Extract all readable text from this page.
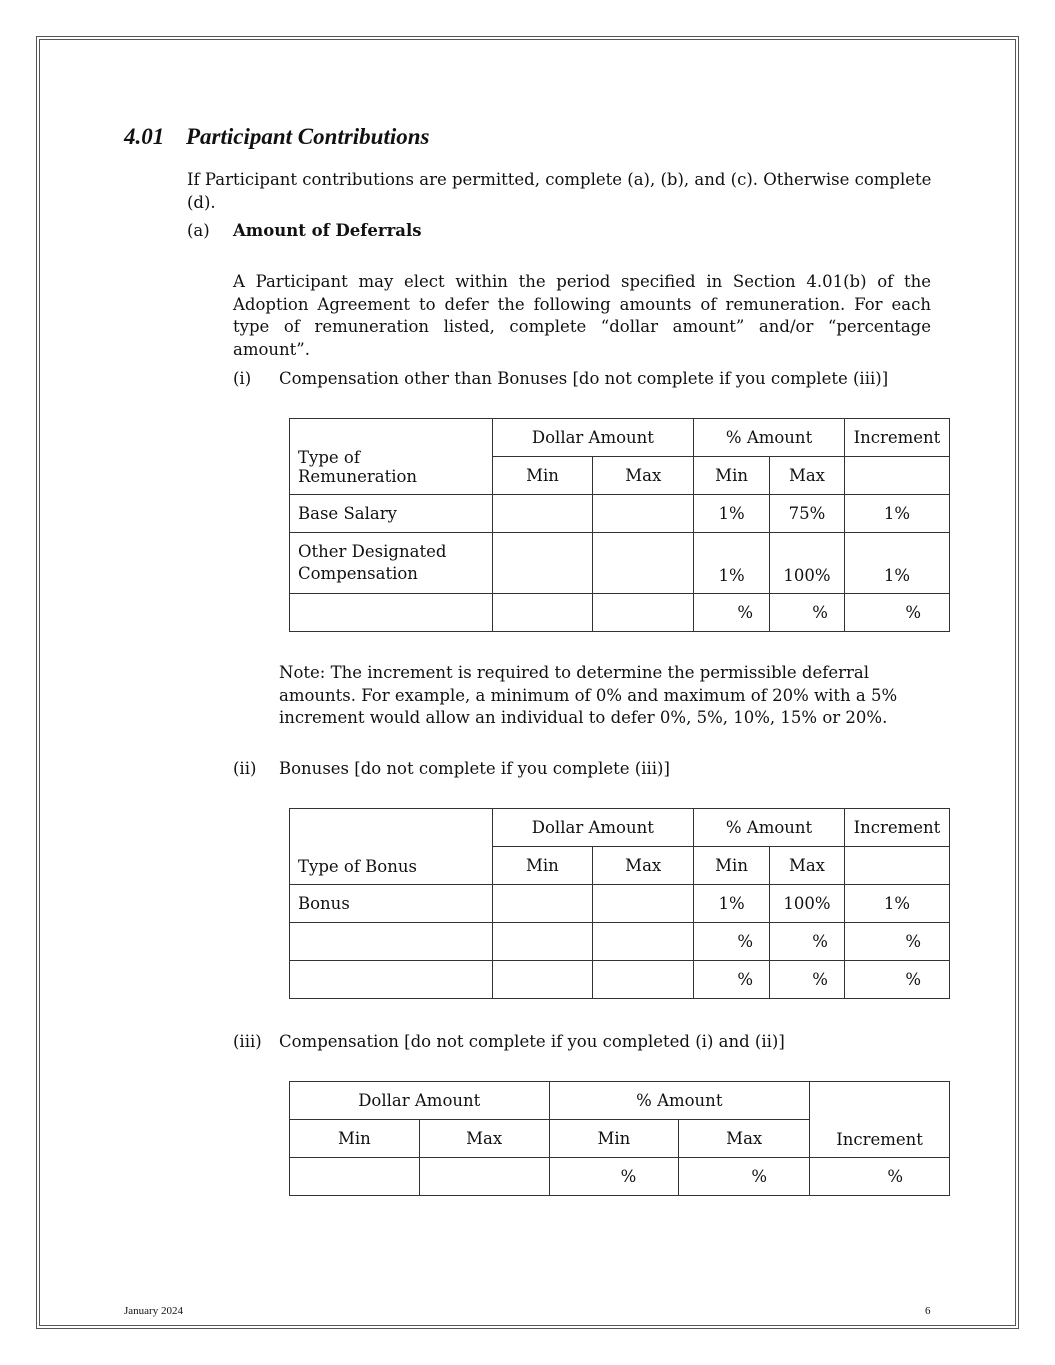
4.01 Participant Contributions
If Participant contributions are permitted, complete (a), (b), and (c). Otherwise complete (d).
(a) Amount of Deferrals
A Participant may elect within the period specified in Section 4.01(b) of the Adoption Agreement to defer the following amounts of remuneration. For each type of remuneration listed, complete “dollar amount” and/or “percentage amount”.
(i) Compensation other than Bonuses [do not complete if you complete (iii)]
Type of Remuneration	Dollar Amount		% Amount		Increment
	Min	Max	Min	Max	
Base Salary			1%	75%	1%
Other Designated Compensation			1%	100%	1%
			%	%	%
Note: The increment is required to determine the permissible deferral amounts. For example, a minimum of 0% and maximum of 20% with a 5% increment would allow an individual to defer 0%, 5%, 10%, 15% or 20%.
(ii) Bonuses [do not complete if you complete (iii)]
Type of Bonus	Dollar Amount		% Amount		Increment
	Min	Max	Min	Max	
Bonus			1%	100%	1%
			%	%	%
			%	%	%
(iii) Compensation [do not complete if you completed (i) and (ii)]
Dollar Amount		% Amount		Increment
Min	Max	Min	Max	
		%	%	%
January 2024	6
